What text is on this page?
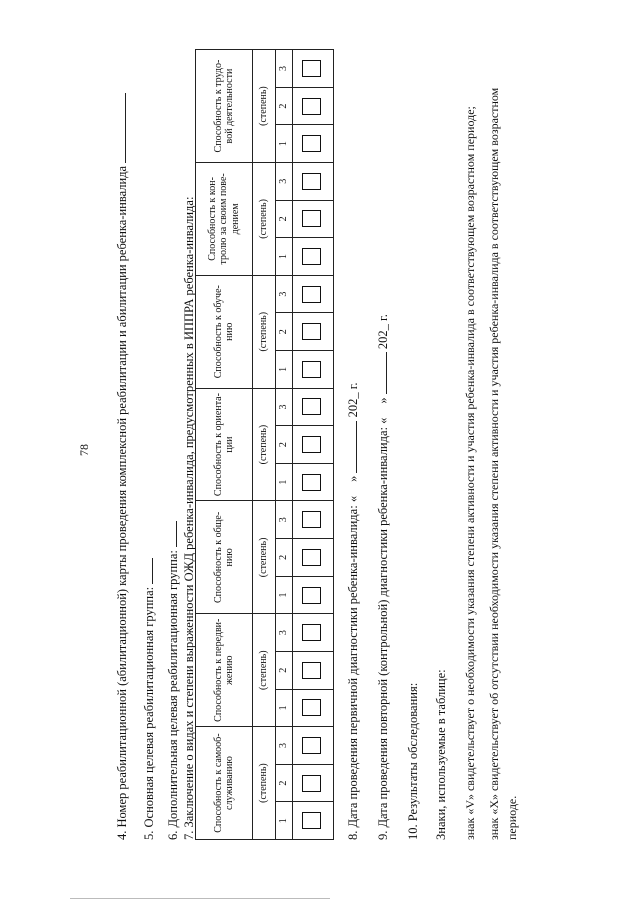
78 4. Номер реабилитационной (абилитационной) карты проведения комплексной реабилитации и абилитации ребенка-инвалида 5. Основная целевая реабилитационная группа: 6. Дополнительная целевая реабилитационная группа: 7. Заключение о видах и степени выраженности ОЖД ребенка-инвалида, предусмотренных в ИППРА ребенка-инвалида: Способность к самооб-служиванию			Способность к передви-жению			Способность к обще-нию			Способность к ориента-ции			Способность к обуче-нию			Способность к кон-тролю за своим пове-дением			Способность к трудо-вой деятельности		
(степень)			(степень)			(степень)			(степень)			(степень)			(степень)			(степень)		
1	2	3	1	2	3	1	2	3	1	2	3	1	2	3	1	2	3	1	2	3

8. Дата проведения первичной диагностики ребенка-инвалида: «»  202_ г.
9. Дата проведения повторной (контрольной) диагностики ребенка-инвалида: «»  202_ г.
10. Результаты обследования: Знаки, используемые в таблице: знак «V» свидетельствует о необходимости указания степени активности и участия ребенка-инвалида в соответствующем возрастном периоде; знак «Х» свидетельствует об отсутствии необходимости указания степени активности и участия ребенка-инвалида в соответствующем возрастном периоде.
